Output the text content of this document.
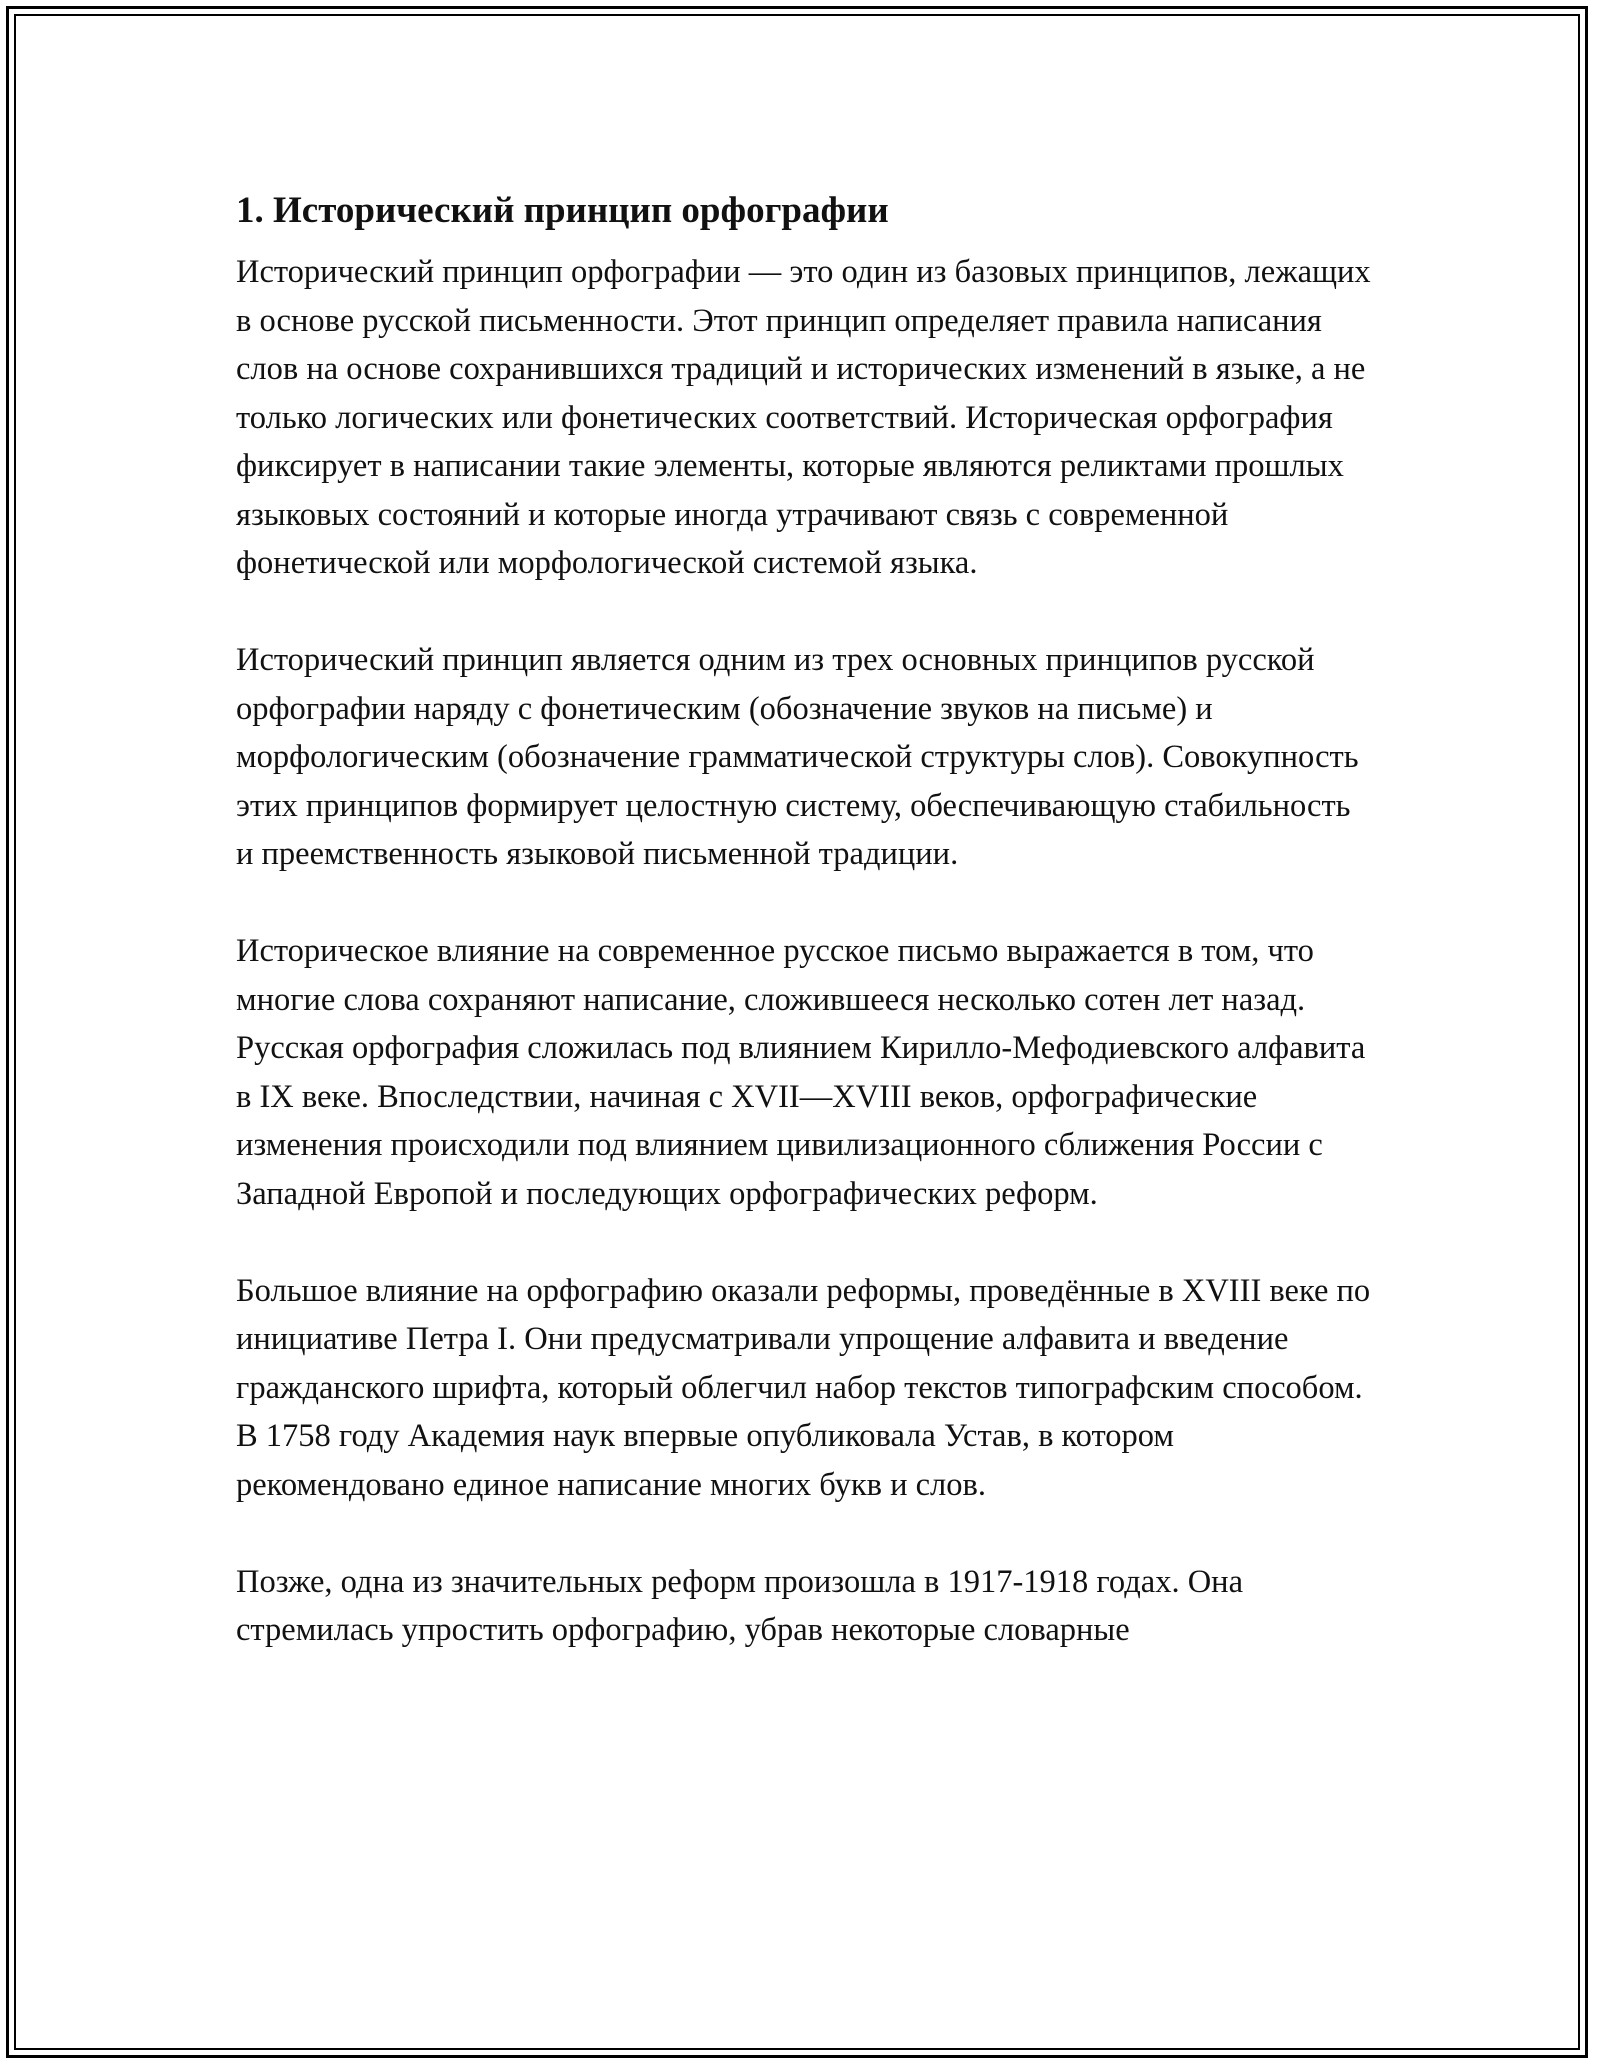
1. Исторический принцип орфографии

Исторический принцип орфографии — это один из базовых принципов, лежащих в основе русской письменности. Этот принцип определяет правила написания слов на основе сохранившихся традиций и исторических изменений в языке, а не только логических или фонетических соответствий. Историческая орфография фиксирует в написании такие элементы, которые являются реликтами прошлых языковых состояний и которые иногда утрачивают связь с современной фонетической или морфологической системой языка.

Исторический принцип является одним из трех основных принципов русской орфографии наряду с фонетическим (обозначение звуков на письме) и морфологическим (обозначение грамматической структуры слов). Совокупность этих принципов формирует целостную систему, обеспечивающую стабильность и преемственность языковой письменной традиции.

Историческое влияние на современное русское письмо выражается в том, что многие слова сохраняют написание, сложившееся несколько сотен лет назад. Русская орфография сложилась под влиянием Кирилло-Мефодиевского алфавита в IX веке. Впоследствии, начиная с XVII—XVIII веков, орфографические изменения происходили под влиянием цивилизационного сближения России с Западной Европой и последующих орфографических реформ.

Большое влияние на орфографию оказали реформы, проведённые в XVIII веке по инициативе Петра I. Они предусматривали упрощение алфавита и введение гражданского шрифта, который облегчил набор текстов типографским способом. В 1758 году Академия наук впервые опубликовала Устав, в котором рекомендовано единое написание многих букв и слов.

Позже, одна из значительных реформ произошла в 1917-1918 годах. Она стремилась упростить орфографию, убрав некоторые словарные
